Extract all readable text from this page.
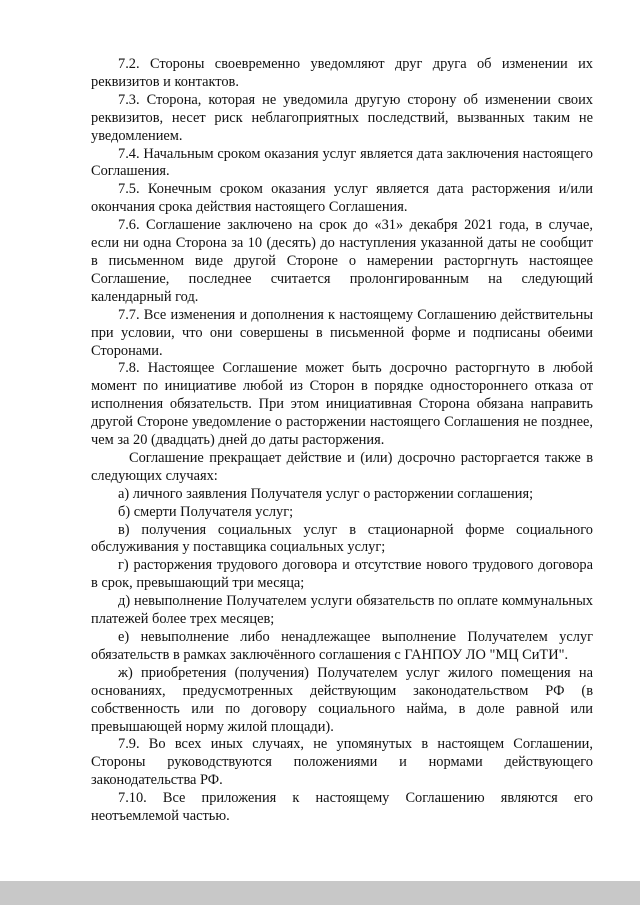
7.2. Стороны своевременно уведомляют друг друга об изменении их реквизитов и контактов.

7.3. Сторона, которая не уведомила другую сторону об изменении своих реквизитов, несет риск неблагоприятных последствий, вызванных таким не уведомлением.

7.4. Начальным сроком оказания услуг является дата заключения настоящего Соглашения.

7.5. Конечным сроком оказания услуг является дата расторжения и/или окончания срока действия настоящего Соглашения.

7.6. Соглашение заключено на срок до «31» декабря 2021 года, в случае, если ни одна Сторона за 10 (десять) до наступления указанной даты не сообщит в письменном виде другой Стороне о намерении расторгнуть настоящее Соглашение, последнее считается пролонгированным на следующий календарный год.

7.7. Все изменения и дополнения к настоящему Соглашению действительны при условии, что они совершены в письменной форме и подписаны обеими Сторонами.

7.8. Настоящее Соглашение может быть досрочно расторгнуто в любой момент по инициативе любой из Сторон в порядке одностороннего отказа от исполнения обязательств. При этом инициативная Сторона обязана направить другой Стороне уведомление о расторжении настоящего Соглашения не позднее, чем за 20 (двадцать) дней до даты расторжения.

Соглашение прекращает действие и (или) досрочно расторгается также в следующих случаях:

а) личного заявления Получателя услуг о расторжении соглашения;

б) смерти Получателя услуг;

в) получения социальных услуг в стационарной форме социального обслуживания у поставщика социальных услуг;

г) расторжения трудового договора и отсутствие нового трудового договора в срок, превышающий три месяца;

д) невыполнение Получателем услуги обязательств по оплате коммунальных платежей более трех месяцев;

е) невыполнение либо ненадлежащее выполнение Получателем услуг обязательств в рамках заключённого соглашения с ГАНПОУ ЛО "МЦ СиТИ".

ж) приобретения (получения) Получателем услуг жилого помещения на основаниях, предусмотренных действующим законодательством РФ (в собственность или по договору социального найма, в доле равной или превышающей норму жилой площади).

7.9. Во всех иных случаях, не упомянутых в настоящем Соглашении, Стороны руководствуются положениями и нормами действующего законодательства РФ.

7.10. Все приложения к настоящему Соглашению являются его неотъемлемой частью.
